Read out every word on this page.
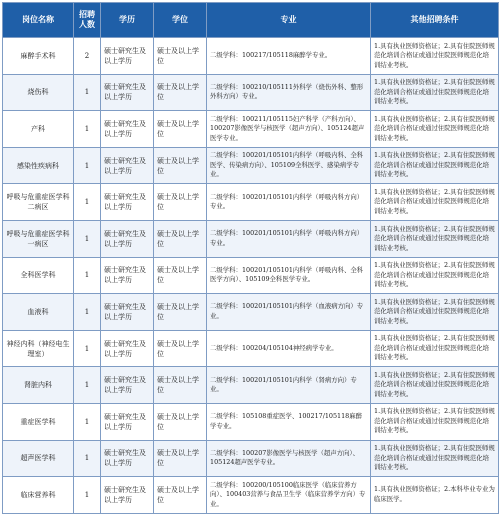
岗位名称	招聘人数	学历	学位	专业	其他招聘条件
麻醉手术科	2	硕士研究生及以上学历	硕士及以上学位	二级学科：100217/105118麻醉学专业。	1.具有执业医师资格证；2.具有住院医师规范化培训合格证或通过住院医师规范化培训结业考核。
烧伤科	1	硕士研究生及以上学历	硕士及以上学位	二级学科：100210/105111外科学（烧伤外科、整形外科方向）专业。	1.具有执业医师资格证；2.具有住院医师规范化培训合格证或通过住院医师规范化培训结业考核。
产科	1	硕士研究生及以上学历	硕士及以上学位	二级学科：100211/105115妇产科学（产科方向）、100207影像医学与核医学（超声方向）、105124超声医学专业。	1.具有执业医师资格证；2.具有住院医师规范化培训合格证或通过住院医师规范化培训结业考核。
感染性疾病科	1	硕士研究生及以上学历	硕士及以上学位	二级学科：100201/105101内科学（呼吸内科、全科医学、传染病方向）、105109全科医学、感染病学专业。	1.具有执业医师资格证；2.具有住院医师规范化培训合格证或通过住院医师规范化培训结业考核。
呼吸与危重症医学科二病区	1	硕士研究生及以上学历	硕士及以上学位	二级学科：100201/105101内科学（呼吸内科方向）专业。	1.具有执业医师资格证；2.具有住院医师规范化培训合格证或通过住院医师规范化培训结业考核。
呼吸与危重症医学科一病区	1	硕士研究生及以上学历	硕士及以上学位	二级学科：100201/105101内科学（呼吸内科方向）专业。	1.具有执业医师资格证；2.具有住院医师规范化培训合格证或通过住院医师规范化培训结业考核。
全科医学科	1	硕士研究生及以上学历	硕士及以上学位	二级学科：100201/105101内科学（呼吸内科、全科医学方向）、105109全科医学专业。	1.具有执业医师资格证；2.具有住院医师规范化培训合格证或通过住院医师规范化培训结业考核。
血液科	1	硕士研究生及以上学历	硕士及以上学位	二级学科：100201/105101内科学（血液病方向）专业。	1.具有执业医师资格证；2.具有住院医师规范化培训合格证或通过住院医师规范化培训结业考核。
神经内科（神经电生理室）	1	硕士研究生及以上学历	硕士及以上学位	二级学科：100204/105104神经病学专业。	1.具有执业医师资格证；2.具有住院医师规范化培训合格证或通过住院医师规范化培训结业考核。
肾脏内科	1	硕士研究生及以上学历	硕士及以上学位	二级学科：100201/105101内科学（肾病方向）专业。	1.具有执业医师资格证；2.具有住院医师规范化培训合格证或通过住院医师规范化培训结业考核。
重症医学科	1	硕士研究生及以上学历	硕士及以上学位	二级学科：105108重症医学、100217/105118麻醉学专业。	1.具有执业医师资格证；2.具有住院医师规范化培训合格证或通过住院医师规范化培训结业考核。
超声医学科	1	硕士研究生及以上学历	硕士及以上学位	二级学科：100207影像医学与核医学（超声方向）、105124超声医学专业。	1.具有执业医师资格证；2.具有住院医师规范化培训合格证或通过住院医师规范化培训结业考核。
临床营养科	1	硕士研究生及以上学历	硕士及以上学位	二级学科：100200/105100临床医学（临床营养方向）、100403营养与食品卫生学（临床营养学方向）专业。	1.具有执业医师资格证；2.本科毕业专业为临床医学。
